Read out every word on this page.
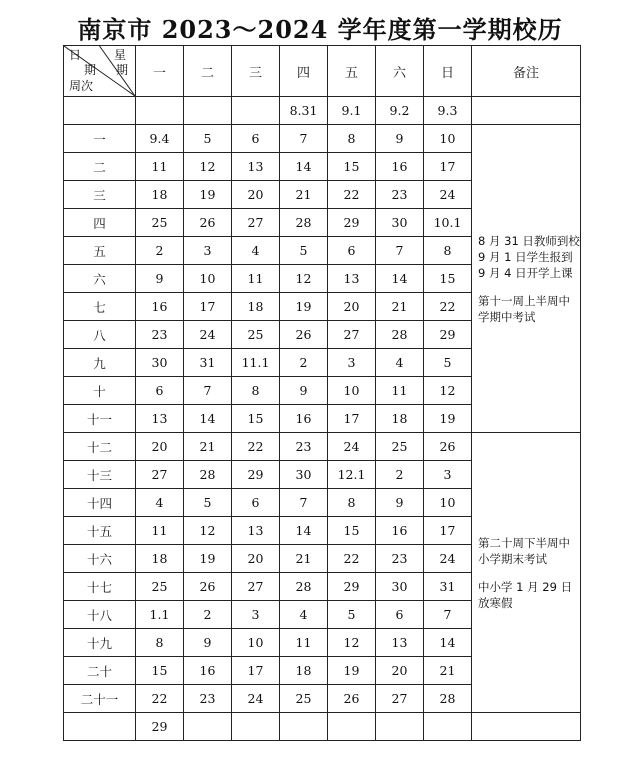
南京市 2023～2024 学年度第一学期校历
日 星
期 期
周次	一	二	三	四	五	六	日	备注
				8.31	9.1	9.2	9.3	
一	9.4	5	6	7	8	9	10	8 月 31 日教师到校
9 月 1 日学生报到
9 月 4 日开学上课
第十一周上半周中
学期中考试

二	11	12	13	14	15	16	17	
三	18	19	20	21	22	23	24	
四	25	26	27	28	29	30	10.1	
五	2	3	4	5	6	7	8	
六	9	10	11	12	13	14	15	
七	16	17	18	19	20	21	22	
八	23	24	25	26	27	28	29	
九	30	31	11.1	2	3	4	5	
十	6	7	8	9	10	11	12	
十一	13	14	15	16	17	18	19	
十二	20	21	22	23	24	25	26	第二十周下半周中
小学期末考试
中小学 1 月 29 日
放寒假

十三	27	28	29	30	12.1	2	3	
十四	4	5	6	7	8	9	10	
十五	11	12	13	14	15	16	17	
十六	18	19	20	21	22	23	24	
十七	25	26	27	28	29	30	31	
十八	1.1	2	3	4	5	6	7	
十九	8	9	10	11	12	13	14	
二十	15	16	17	18	19	20	21	
二十一	22	23	24	25	26	27	28	
	29							
